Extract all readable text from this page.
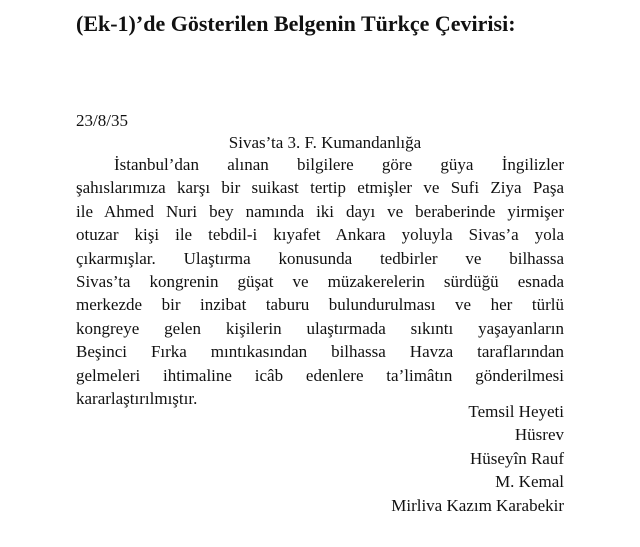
(Ek-1)’de Gösterilen Belgenin Türkçe Çevirisi:
23/8/35
Sivas’ta 3. F. Kumandanlığa
İstanbul’dan alınan bilgilere göre güya İngilizler
şahıslarımıza karşı bir suikast tertip etmişler ve Sufi Ziya Paşa
ile Ahmed Nuri bey namında iki dayı ve beraberinde yirmişer
otuzar kişi ile tebdil-i kıyafet Ankara yoluyla Sivas’a yola
çıkarmışlar. Ulaştırma konusunda tedbirler ve bilhassa
Sivas’ta kongrenin güşat ve müzakerelerin sürdüğü esnada
merkezde bir inzibat taburu bulundurulması ve her türlü
kongreye gelen kişilerin ulaştırmada sıkıntı yaşayanların
Beşinci Fırka mıntıkasından bilhassa Havza taraflarından
gelmeleri ihtimaline icâb edenlere ta’limâtın gönderilmesi
kararlaştırılmıştır.
Temsil Heyeti
Hüsrev
Hüseyîn Rauf
M. Kemal
Mirliva Kazım Karabekir
